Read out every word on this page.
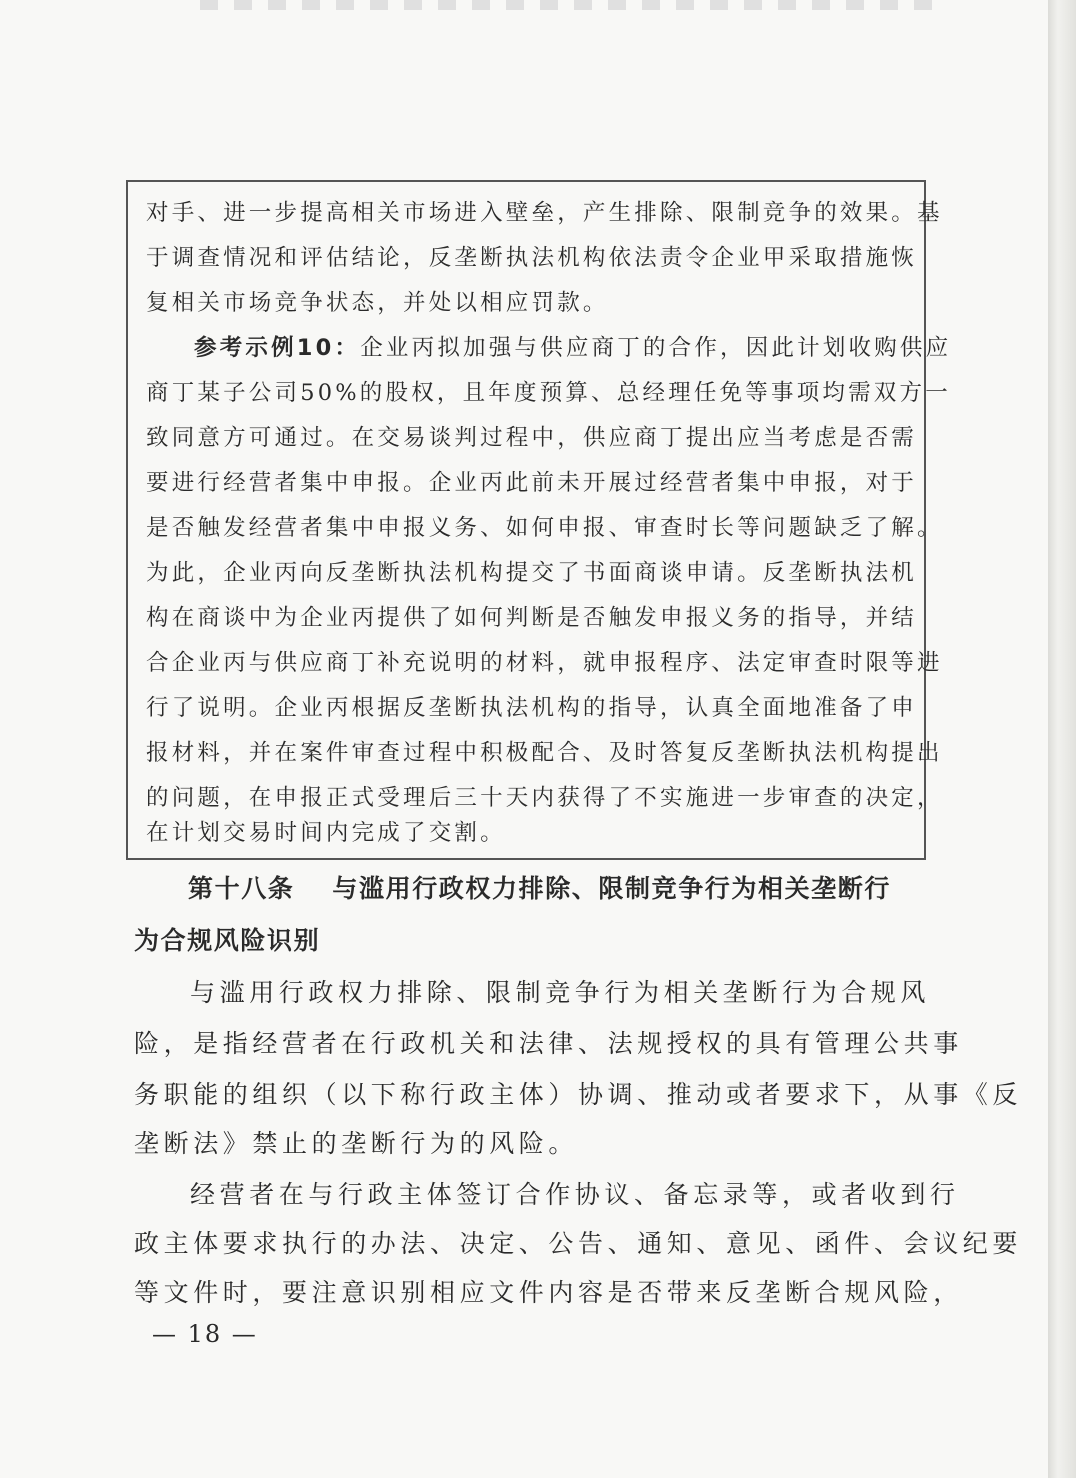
对手、进一步提高相关市场进入壁垒，产生排除、限制竞争的效果。基
于调查情况和评估结论，反垄断执法机构依法责令企业甲采取措施恢
复相关市场竞争状态，并处以相应罚款。
参考示例10：企业丙拟加强与供应商丁的合作，因此计划收购供应
商丁某子公司50%的股权，且年度预算、总经理任免等事项均需双方一
致同意方可通过。在交易谈判过程中，供应商丁提出应当考虑是否需
要进行经营者集中申报。企业丙此前未开展过经营者集中申报，对于
是否触发经营者集中申报义务、如何申报、审查时长等问题缺乏了解。
为此，企业丙向反垄断执法机构提交了书面商谈申请。反垄断执法机
构在商谈中为企业丙提供了如何判断是否触发申报义务的指导，并结
合企业丙与供应商丁补充说明的材料，就申报程序、法定审查时限等进
行了说明。企业丙根据反垄断执法机构的指导，认真全面地准备了申
报材料，并在案件审查过程中积极配合、及时答复反垄断执法机构提出
的问题，在申报正式受理后三十天内获得了不实施进一步审查的决定，
在计划交易时间内完成了交割。
第十八条 与滥用行政权力排除、限制竞争行为相关垄断行
为合规风险识别
与滥用行政权力排除、限制竞争行为相关垄断行为合规风
险，是指经营者在行政机关和法律、法规授权的具有管理公共事
务职能的组织（以下称行政主体）协调、推动或者要求下，从事《反
垄断法》禁止的垄断行为的风险。
经营者在与行政主体签订合作协议、备忘录等，或者收到行
政主体要求执行的办法、决定、公告、通知、意见、函件、会议纪要
等文件时，要注意识别相应文件内容是否带来反垄断合规风险，
— 18 —
